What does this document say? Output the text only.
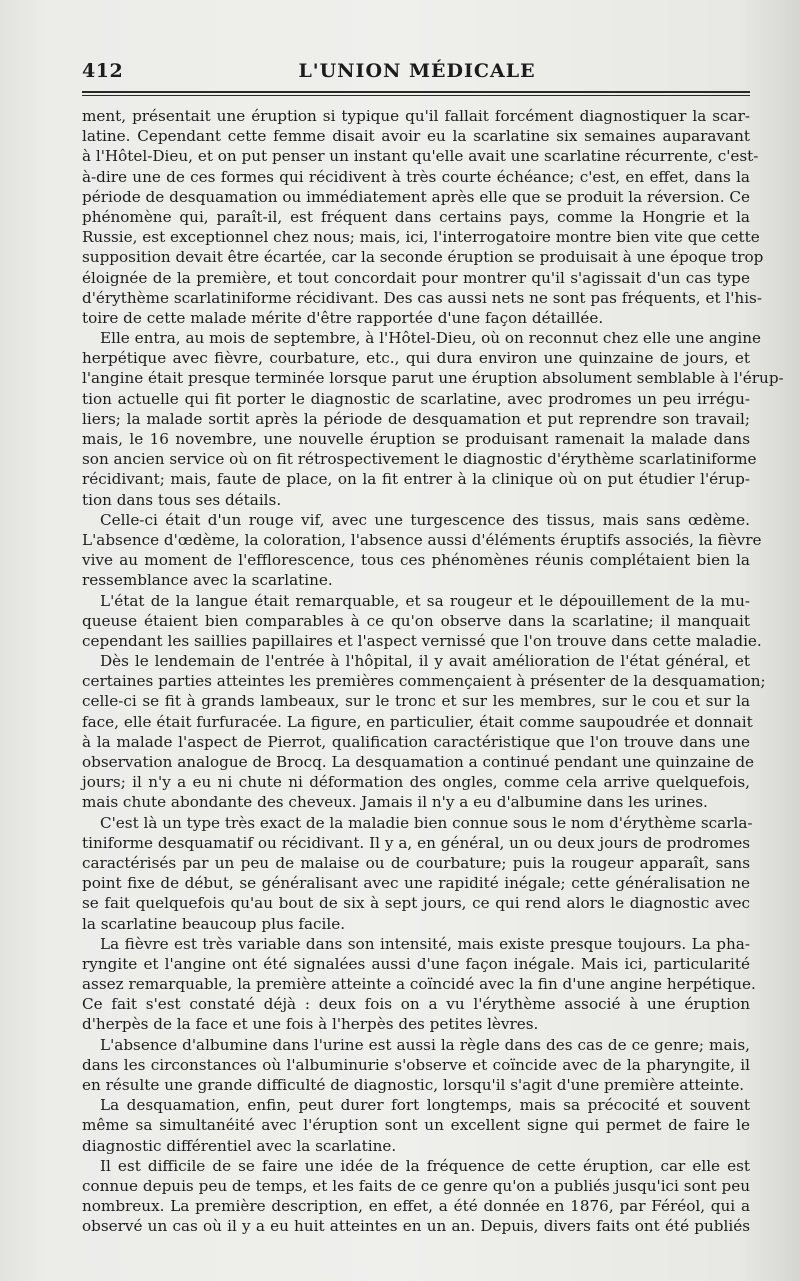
412	L'UNION MÉDICALE
ment, présentait une éruption si typique qu'il fallait forcément diagnostiquer la scar-
latine. Cependant cette femme disait avoir eu la scarlatine six semaines auparavant
à l'Hôtel-Dieu, et on put penser un instant qu'elle avait une scarlatine récurrente, c'est-
à-dire une de ces formes qui récidivent à très courte échéance; c'est, en effet, dans la
période de desquamation ou immédiatement après elle que se produit la réversion. Ce
phénomène qui, paraît-il, est fréquent dans certains pays, comme la Hongrie et la
Russie, est exceptionnel chez nous; mais, ici, l'interrogatoire montre bien vite que cette
supposition devait être écartée, car la seconde éruption se produisait à une époque trop
éloignée de la première, et tout concordait pour montrer qu'il s'agissait d'un cas type
d'érythème scarlatiniforme récidivant. Des cas aussi nets ne sont pas fréquents, et l'his-
toire de cette malade mérite d'être rapportée d'une façon détaillée.
Elle entra, au mois de septembre, à l'Hôtel-Dieu, où on reconnut chez elle une angine
herpétique avec fièvre, courbature, etc., qui dura environ une quinzaine de jours, et
l'angine était presque terminée lorsque parut une éruption absolument semblable à l'érup-
tion actuelle qui fit porter le diagnostic de scarlatine, avec prodromes un peu irrégu-
liers; la malade sortit après la période de desquamation et put reprendre son travail;
mais, le 16 novembre, une nouvelle éruption se produisant ramenait la malade dans
son ancien service où on fit rétrospectivement le diagnostic d'érythème scarlatiniforme
récidivant; mais, faute de place, on la fit entrer à la clinique où on put étudier l'érup-
tion dans tous ses détails.
Celle-ci était d'un rouge vif, avec une turgescence des tissus, mais sans œdème.
L'absence d'œdème, la coloration, l'absence aussi d'éléments éruptifs associés, la fièvre
vive au moment de l'efflorescence, tous ces phénomènes réunis complétaient bien la
ressemblance avec la scarlatine.
L'état de la langue était remarquable, et sa rougeur et le dépouillement de la mu-
queuse étaient bien comparables à ce qu'on observe dans la scarlatine; il manquait
cependant les saillies papillaires et l'aspect vernissé que l'on trouve dans cette maladie.
Dès le lendemain de l'entrée à l'hôpital, il y avait amélioration de l'état général, et
certaines parties atteintes les premières commençaient à présenter de la desquamation;
celle-ci se fit à grands lambeaux, sur le tronc et sur les membres, sur le cou et sur la
face, elle était furfuracée. La figure, en particulier, était comme saupoudrée et donnait
à la malade l'aspect de Pierrot, qualification caractéristique que l'on trouve dans une
observation analogue de Brocq. La desquamation a continué pendant une quinzaine de
jours; il n'y a eu ni chute ni déformation des ongles, comme cela arrive quelquefois,
mais chute abondante des cheveux. Jamais il n'y a eu d'albumine dans les urines.
C'est là un type très exact de la maladie bien connue sous le nom d'érythème scarla-
tiniforme desquamatif ou récidivant. Il y a, en général, un ou deux jours de prodromes
caractérisés par un peu de malaise ou de courbature; puis la rougeur apparaît, sans
point fixe de début, se généralisant avec une rapidité inégale; cette généralisation ne
se fait quelquefois qu'au bout de six à sept jours, ce qui rend alors le diagnostic avec
la scarlatine beaucoup plus facile.
La fièvre est très variable dans son intensité, mais existe presque toujours. La pha-
ryngite et l'angine ont été signalées aussi d'une façon inégale. Mais ici, particularité
assez remarquable, la première atteinte a coïncidé avec la fin d'une angine herpétique.
Ce fait s'est constaté déjà : deux fois on a vu l'érythème associé à une éruption
d'herpès de la face et une fois à l'herpès des petites lèvres.
L'absence d'albumine dans l'urine est aussi la règle dans des cas de ce genre; mais,
dans les circonstances où l'albuminurie s'observe et coïncide avec de la pharyngite, il
en résulte une grande difficulté de diagnostic, lorsqu'il s'agit d'une première atteinte.
La desquamation, enfin, peut durer fort longtemps, mais sa précocité et souvent
même sa simultanéité avec l'éruption sont un excellent signe qui permet de faire le
diagnostic différentiel avec la scarlatine.
Il est difficile de se faire une idée de la fréquence de cette éruption, car elle est
connue depuis peu de temps, et les faits de ce genre qu'on a publiés jusqu'ici sont peu
nombreux. La première description, en effet, a été donnée en 1876, par Féréol, qui a
observé un cas où il y a eu huit atteintes en un an. Depuis, divers faits ont été publiés
